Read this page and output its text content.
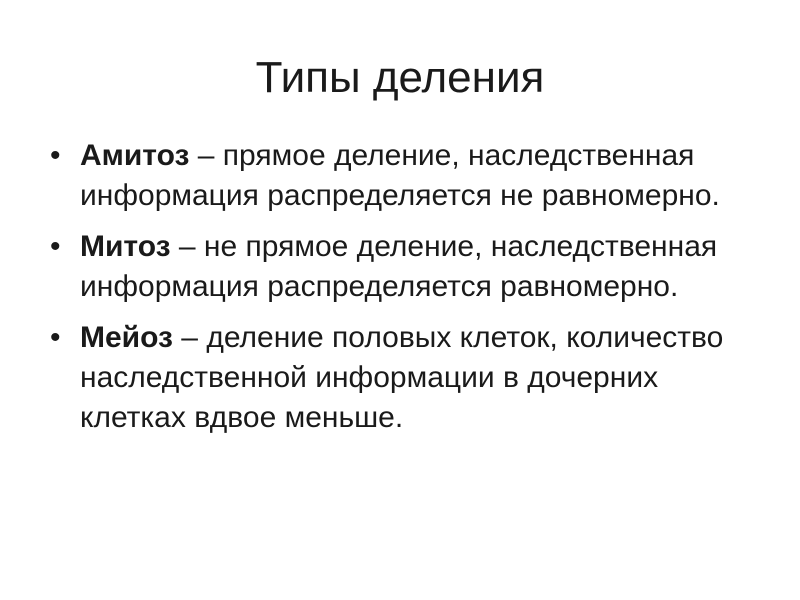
Типы деления
• Амитоз – прямое деление, наследственная информация распределяется не равномерно.
• Митоз – не прямое деление, наследственная информация распределяется равномерно.
• Мейоз – деление половых клеток, количество наследственной информации в дочерних клетках вдвое меньше.
